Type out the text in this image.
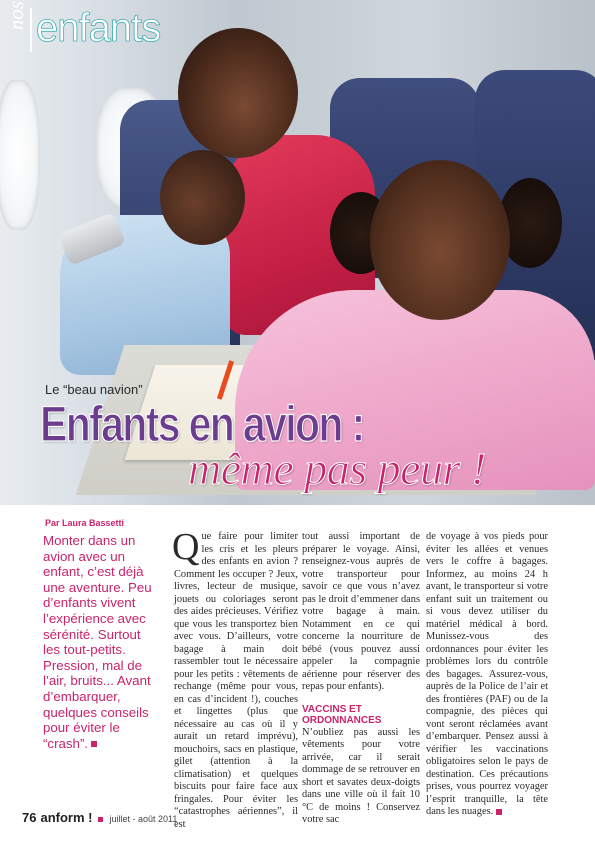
nos enfants
Le “beau navion”
Enfants en avion :
même pas peur !
Par Laura Bassetti
Monter dans un avion avec un enfant, c’est déjà une aventure. Peu d’enfants vivent l’expérience avec sérénité. Surtout les tout-petits. Pression, mal de l’air, bruits... Avant d’embarquer, quelques conseils pour éviter le “crash”.
Que faire pour limiter les cris et les pleurs des enfants en avion ? Comment les occuper ? Jeux, livres, lecteur de musique, jouets ou coloriages seront des aides précieuses. Vérifiez que vous les transportez bien avec vous. D’ailleurs, votre bagage à main doit rassembler tout le nécessaire pour les petits : vêtements de rechange (même pour vous, en cas d’incident !), couches et lingettes (plus que nécessaire au cas où il y aurait un retard imprévu), mouchoirs, sacs en plastique, gilet (attention à la climatisation) et quelques biscuits pour faire face aux fringales. Pour éviter les “catastrophes aériennes”, il est
tout aussi important de préparer le voyage. Ainsi, renseignez-vous auprès de votre transporteur pour savoir ce que vous n’avez pas le droit d’emmener dans votre bagage à main. Notamment en ce qui concerne la nourriture de bébé (vous pouvez aussi appeler la compagnie aérienne pour réserver des repas pour enfants).
VACCINS ET ORDONNANCES
N’oubliez pas aussi les vêtements pour votre arrivée, car il serait dommage de se retrouver en short et savates deux-doigts dans une ville où il fait 10 °C de moins ! Conservez votre sac
de voyage à vos pieds pour éviter les allées et venues vers le coffre à bagages. Informez, au moins 24 h avant, le transporteur si votre enfant suit un traitement ou si vous devez utiliser du matériel médical à bord. Munissez-vous des ordonnances pour éviter les problèmes lors du contrôle des bagages. Assurez-vous, auprès de la Police de l’air et des frontières (PAF) ou de la compagnie, des pièces qui vont seront réclamées avant d’embarquer. Pensez aussi à vérifier les vaccinations obligatoires selon le pays de destination. Ces précautions prises, vous pourrez voyager l’esprit tranquille, la tête dans les nuages.
76 anform ! juillet - août 2011
